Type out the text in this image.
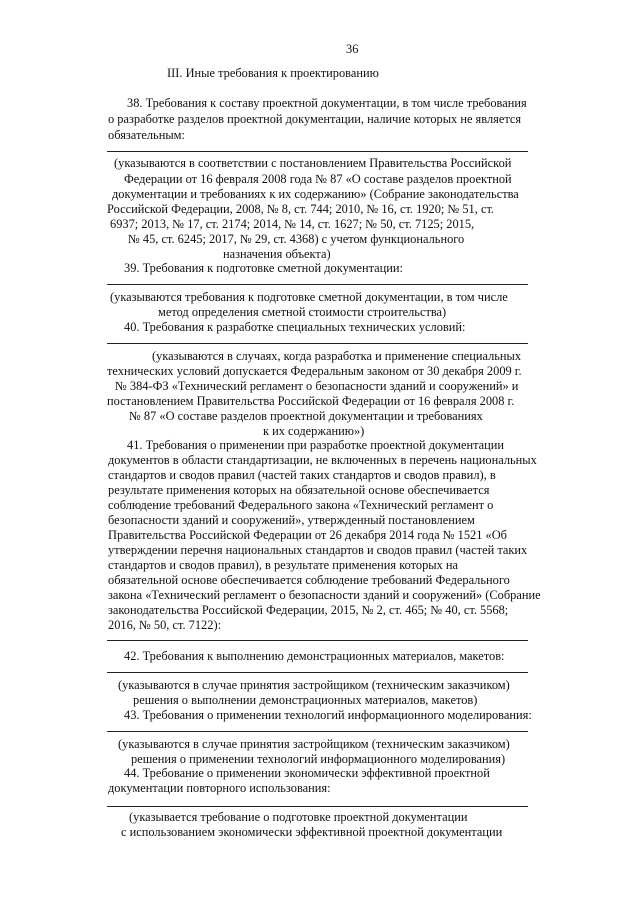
36
III. Иные требования к проектированию
38. Требования к составу проектной документации, в том числе требования
о разработке разделов проектной документации, наличие которых не является
обязательным:
(указываются в соответствии с постановлением Правительства Российской
Федерации от 16 февраля 2008 года № 87 «О составе разделов проектной
документации и требованиях к их содержанию» (Собрание законодательства
Российской Федерации, 2008, № 8, ст. 744; 2010, № 16, ст. 1920; № 51, ст.
6937; 2013, № 17, ст. 2174; 2014, № 14, ст. 1627; № 50, ст. 7125; 2015,
№ 45, ст. 6245; 2017, № 29, ст. 4368) с учетом функционального
назначения объекта)
39. Требования к подготовке сметной документации:
(указываются требования к подготовке сметной документации, в том числе
метод определения сметной стоимости строительства)
40. Требования к разработке специальных технических условий:
(указываются в случаях, когда разработка и применение специальных
технических условий допускается Федеральным законом от 30 декабря 2009 г.
№ 384-ФЗ «Технический регламент о безопасности зданий и сооружений» и
постановлением Правительства Российской Федерации от 16 февраля 2008 г.
№ 87 «О составе разделов проектной документации и требованиях
к их содержанию»)
41. Требования о применении при разработке проектной документации
документов в области стандартизации, не включенных в перечень национальных
стандартов и сводов правил (частей таких стандартов и сводов правил), в
результате применения которых на обязательной основе обеспечивается
соблюдение требований Федерального закона «Технический регламент о
безопасности зданий и сооружений», утвержденный постановлением
Правительства Российской Федерации от 26 декабря 2014 года № 1521 «Об
утверждении перечня национальных стандартов и сводов правил (частей таких
стандартов и сводов правил), в результате применения которых на
обязательной основе обеспечивается соблюдение требований Федерального
закона «Технический регламент о безопасности зданий и сооружений» (Собрание
законодательства Российской Федерации, 2015, № 2, ст. 465; № 40, ст. 5568;
2016, № 50, ст. 7122):
42. Требования к выполнению демонстрационных материалов, макетов:
(указываются в случае принятия застройщиком (техническим заказчиком)
решения о выполнении демонстрационных материалов, макетов)
43. Требования о применении технологий информационного моделирования:
(указываются в случае принятия застройщиком (техническим заказчиком)
решения о применении технологий информационного моделирования)
44. Требование о применении экономически эффективной проектной
документации повторного использования:
(указывается требование о подготовке проектной документации
с использованием экономически эффективной проектной документации
